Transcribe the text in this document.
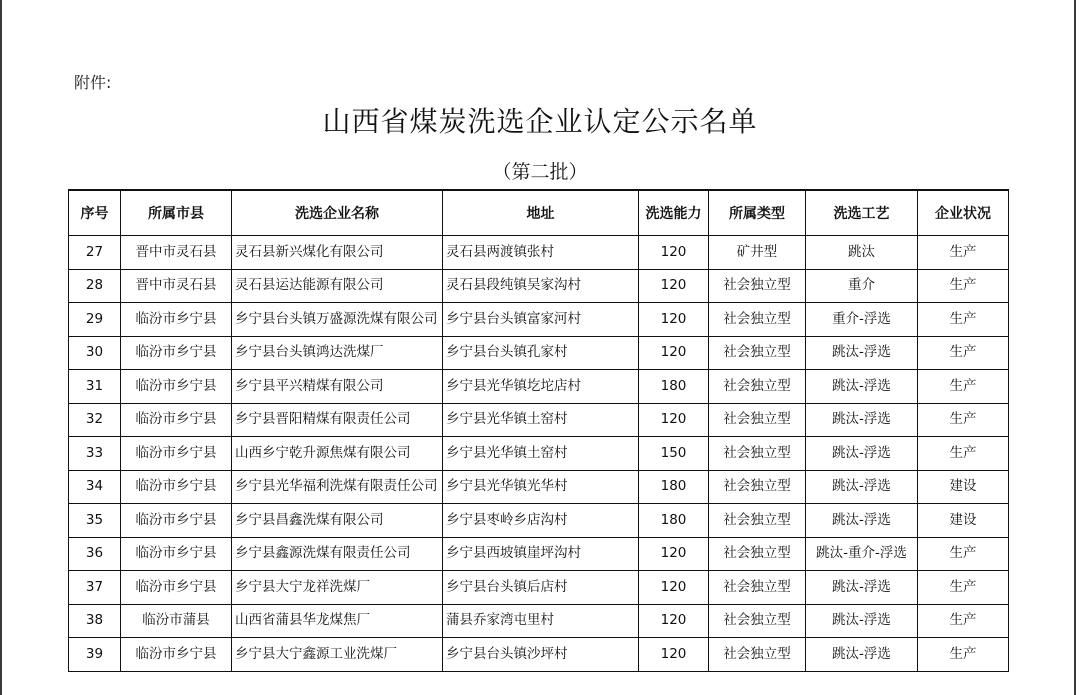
附件:
山西省煤炭洗选企业认定公示名单
（第二批）
序号	所属市县	洗选企业名称	地址	洗选能力	所属类型	洗选工艺	企业状况
27	晋中市灵石县	灵石县新兴煤化有限公司	灵石县两渡镇张村	120	矿井型	跳汰	生产
28	晋中市灵石县	灵石县运达能源有限公司	灵石县段纯镇吴家沟村	120	社会独立型	重介	生产
29	临汾市乡宁县	乡宁县台头镇万盛源洗煤有限公司	乡宁县台头镇富家河村	120	社会独立型	重介-浮选	生产
30	临汾市乡宁县	乡宁县台头镇鸿达洗煤厂	乡宁县台头镇孔家村	120	社会独立型	跳汰-浮选	生产
31	临汾市乡宁县	乡宁县平兴精煤有限公司	乡宁县光华镇圪坨店村	180	社会独立型	跳汰-浮选	生产
32	临汾市乡宁县	乡宁县晋阳精煤有限责任公司	乡宁县光华镇土窑村	120	社会独立型	跳汰-浮选	生产
33	临汾市乡宁县	山西乡宁乾升源焦煤有限公司	乡宁县光华镇土窑村	150	社会独立型	跳汰-浮选	生产
34	临汾市乡宁县	乡宁县光华福利洗煤有限责任公司	乡宁县光华镇光华村	180	社会独立型	跳汰-浮选	建设
35	临汾市乡宁县	乡宁县昌鑫洗煤有限公司	乡宁县枣岭乡店沟村	180	社会独立型	跳汰-浮选	建设
36	临汾市乡宁县	乡宁县鑫源洗煤有限责任公司	乡宁县西坡镇崖坪沟村	120	社会独立型	跳汰-重介-浮选	生产
37	临汾市乡宁县	乡宁县大宁龙祥洗煤厂	乡宁县台头镇后店村	120	社会独立型	跳汰-浮选	生产
38	临汾市蒲县	山西省蒲县华龙煤焦厂	蒲县乔家湾屯里村	120	社会独立型	跳汰-浮选	生产
39	临汾市乡宁县	乡宁县大宁鑫源工业洗煤厂	乡宁县台头镇沙坪村	120	社会独立型	跳汰-浮选	生产
